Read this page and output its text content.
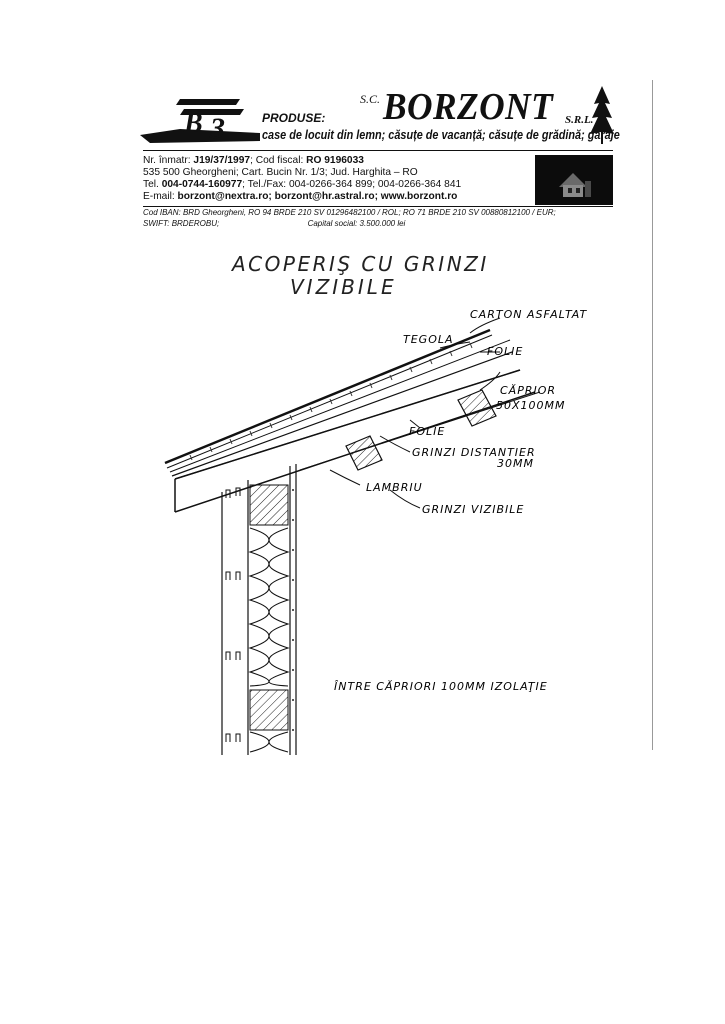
B 3	PRODUSE:
S.C. BORZONT S.R.L.
case de locuit din lemn; căsuțe de vacanță; căsuțe de grădină; garaje
Nr. înmatr: J19/37/1997; Cod fiscal: RO 9196033
535 500 Gheorgheni; Cart. Bucin Nr. 1/3; Jud. Harghita – RO
Tel. 004-0744-160977; Tel./Fax: 004-0266-364 899; 004-0266-364 841
E-mail: borzont@nextra.ro; borzont@hr.astral.ro; www.borzont.ro
Cod IBAN: BRD Gheorgheni, RO 94 BRDE 210 SV 01296482100 / ROL; RO 71 BRDE 210 SV 00880812100 / EUR;
SWIFT: BRDEROBU;	Capital social: 3.500.000 lei
ACOPERIŞ CU GRINZI
VIZIBILE
CARTON ASFALTAT
TEGOLA
FOLIE
CĂPRIOR
50X100MM
FOLIE
GRINZI DISTANTIER
30MM
LAMBRIU
GRINZI VIZIBILE
ÎNTRE CĂPRIORI 100MM IZOLAŢIE
